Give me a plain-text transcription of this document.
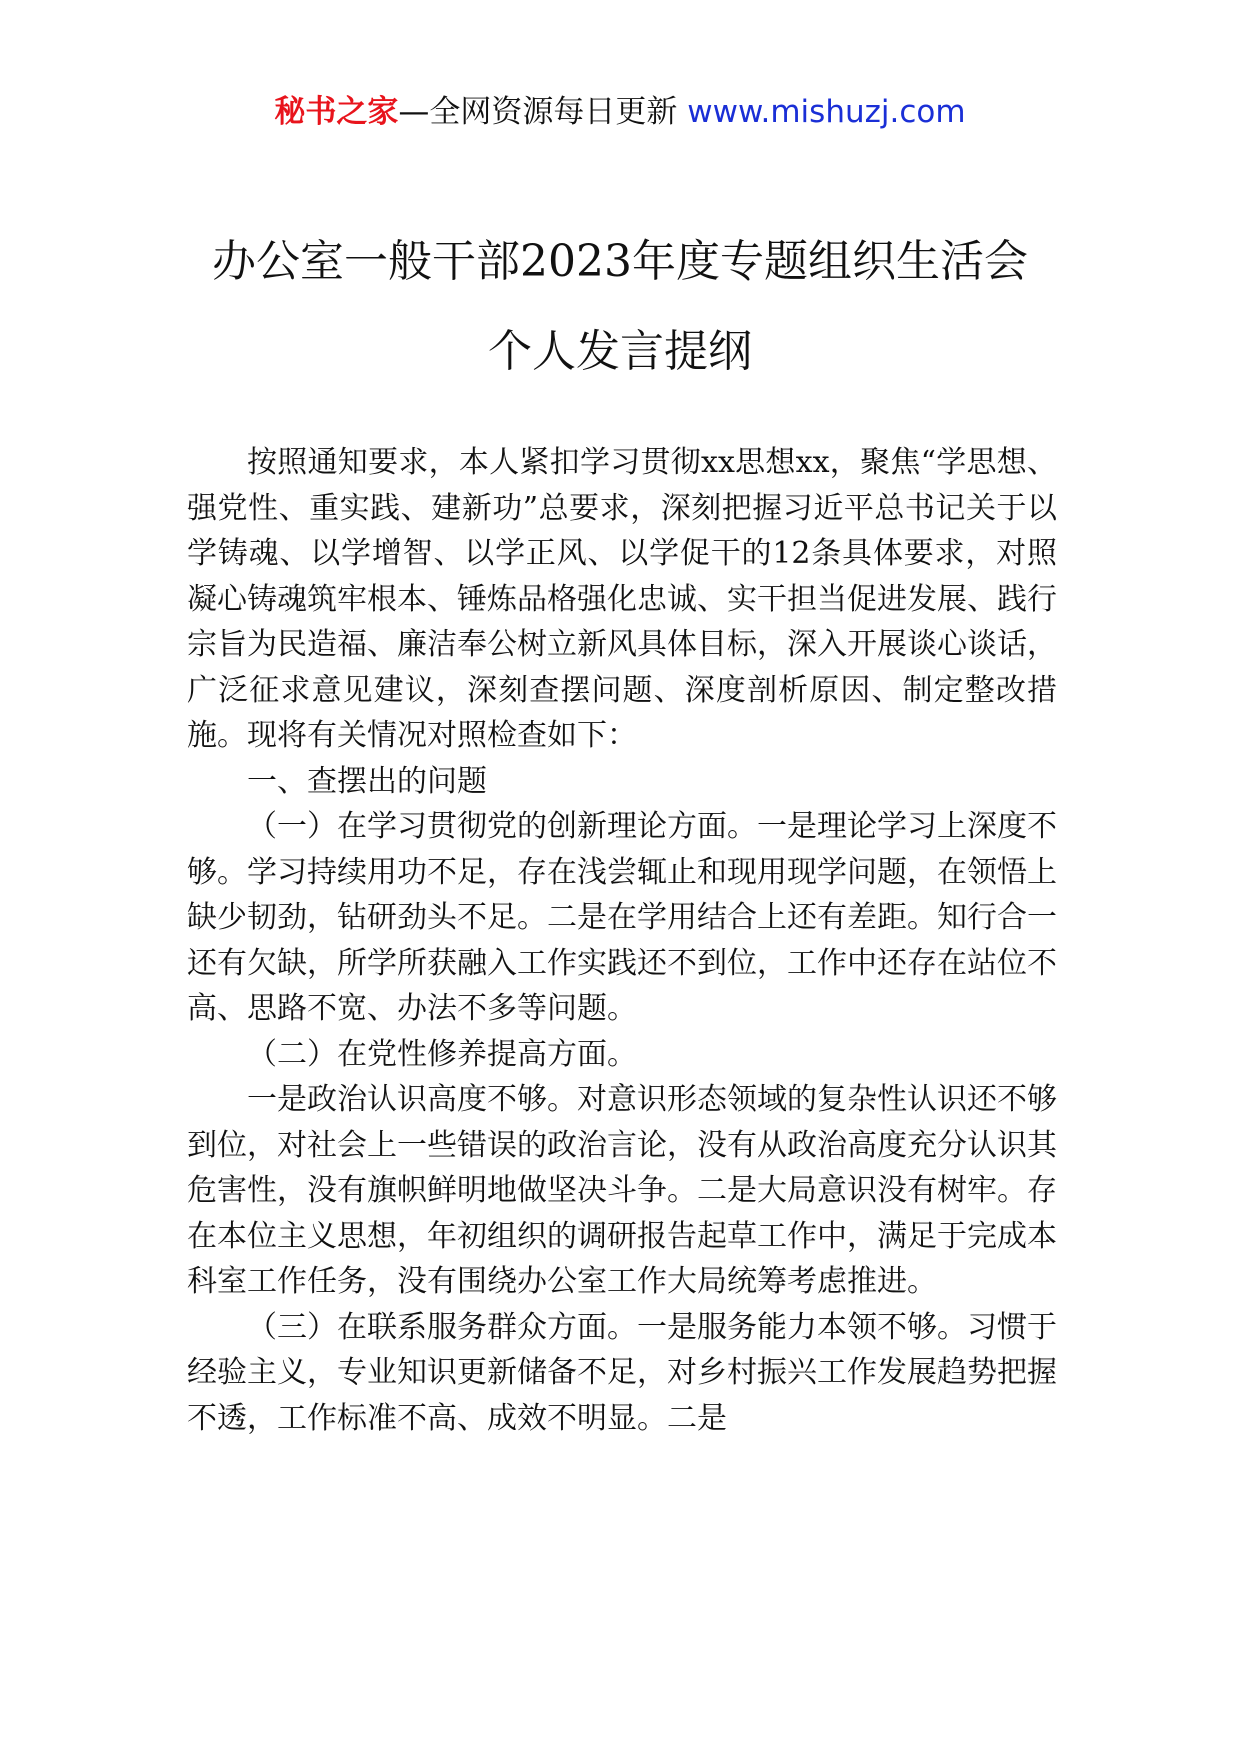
秘书之家—全网资源每日更新 www.mishuzj.com
办公室一般干部2023年度专题组织生活会
个人发言提纲

按照通知要求，本人紧扣学习贯彻xx思想xx，聚焦“学思想、强党性、重实践、建新功”总要求，深刻把握习近平总书记关于以学铸魂、以学增智、以学正风、以学促干的12条具体要求，对照凝心铸魂筑牢根本、锤炼品格强化忠诚、实干担当促进发展、践行宗旨为民造福、廉洁奉公树立新风具体目标，深入开展谈心谈话，广泛征求意见建议，深刻查摆问题、深度剖析原因、制定整改措施。现将有关情况对照检查如下：

一、查摆出的问题

（一）在学习贯彻党的创新理论方面。一是理论学习上深度不够。学习持续用功不足，存在浅尝辄止和现用现学问题，在领悟上缺少韧劲，钻研劲头不足。二是在学用结合上还有差距。知行合一还有欠缺，所学所获融入工作实践还不到位，工作中还存在站位不高、思路不宽、办法不多等问题。

（二）在党性修养提高方面。

一是政治认识高度不够。对意识形态领域的复杂性认识还不够到位，对社会上一些错误的政治言论，没有从政治高度充分认识其危害性，没有旗帜鲜明地做坚决斗争。二是大局意识没有树牢。存在本位主义思想，年初组织的调研报告起草工作中，满足于完成本科室工作任务，没有围绕办公室工作大局统筹考虑推进。

（三）在联系服务群众方面。一是服务能力本领不够。习惯于经验主义，专业知识更新储备不足，对乡村振兴工作发展趋势把握不透，工作标准不高、成效不明显。二是
